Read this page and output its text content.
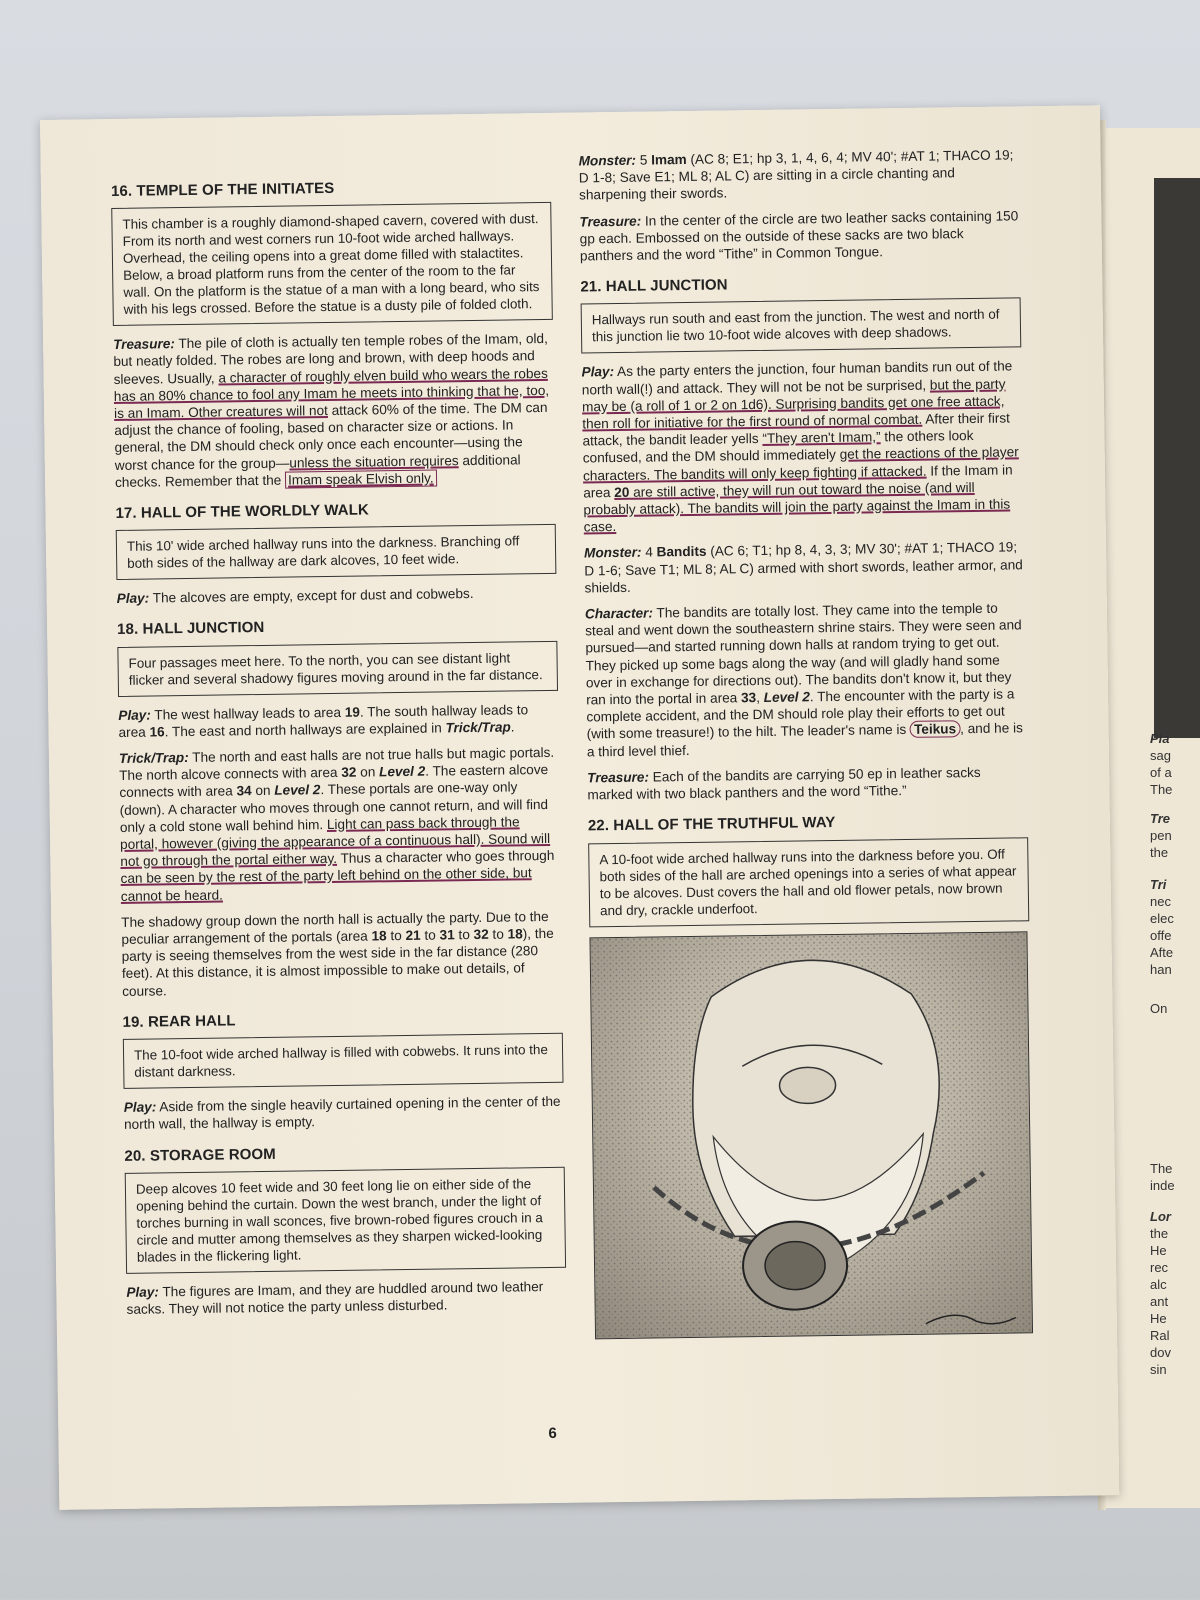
Pla
sag
of a
The
Tre
pen
the
Tri
nec
elec
offe
Afte
han
On
The
inde
Lor
the
He
rec
alc
ant
He
Ral
dov
sin
16. TEMPLE OF THE INITIATES
This chamber is a roughly diamond-shaped cavern, covered with dust. From its north and west corners run 10-foot wide arched hallways. Overhead, the ceiling opens into a great dome filled with stalactites. Below, a broad platform runs from the center of the room to the far wall. On the platform is the statue of a man with a long beard, who sits with his legs crossed. Before the statue is a dusty pile of folded cloth.

Treasure: The pile of cloth is actually ten temple robes of the Imam, old, but neatly folded. The robes are long and brown, with deep hoods and sleeves. Usually, a character of roughly elven build who wears the robes has an 80% chance to fool any Imam he meets into thinking that he, too, is an Imam. Other creatures will not attack 60% of the time. The DM can adjust the chance of fooling, based on character size or actions. In general, the DM should check only once each encounter—using the worst chance for the group—unless the situation requires additional checks. Remember that the Imam speak Elvish only.

17. HALL OF THE WORLDLY WALK
This 10' wide arched hallway runs into the darkness. Branching off both sides of the hallway are dark alcoves, 10 feet wide.

Play: The alcoves are empty, except for dust and cobwebs.

18. HALL JUNCTION
Four passages meet here. To the north, you can see distant light flicker and several shadowy figures moving around in the far distance.

Play: The west hallway leads to area 19. The south hallway leads to area 16. The east and north hallways are explained in Trick/Trap.

Trick/Trap: The north and east halls are not true halls but magic portals. The north alcove connects with area 32 on Level 2. The eastern alcove connects with area 34 on Level 2. These portals are one-way only (down). A character who moves through one cannot return, and will find only a cold stone wall behind him. Light can pass back through the portal, however (giving the appearance of a continuous hall). Sound will not go through the portal either way. Thus a character who goes through can be seen by the rest of the party left behind on the other side, but cannot be heard.

The shadowy group down the north hall is actually the party. Due to the peculiar arrangement of the portals (area 18 to 21 to 31 to 32 to 18), the party is seeing themselves from the west side in the far distance (280 feet). At this distance, it is almost impossible to make out details, of course.

19. REAR HALL
The 10-foot wide arched hallway is filled with cobwebs. It runs into the distant darkness.

Play: Aside from the single heavily curtained opening in the center of the north wall, the hallway is empty.

20. STORAGE ROOM
Deep alcoves 10 feet wide and 30 feet long lie on either side of the opening behind the curtain. Down the west branch, under the light of torches burning in wall sconces, five brown-robed figures crouch in a circle and mutter among themselves as they sharpen wicked-looking blades in the flickering light.

Play: The figures are Imam, and they are huddled around two leather sacks. They will not notice the party unless disturbed.

Monster: 5 Imam (AC 8; E1; hp 3, 1, 4, 6, 4; MV 40'; #AT 1; THACO 19; D 1-8; Save E1; ML 8; AL C) are sitting in a circle chanting and sharpening their swords.

Treasure: In the center of the circle are two leather sacks containing 150 gp each. Embossed on the outside of these sacks are two black panthers and the word “Tithe” in Common Tongue.

21. HALL JUNCTION
Hallways run south and east from the junction. The west and north of this junction lie two 10-foot wide alcoves with deep shadows.

Play: As the party enters the junction, four human bandits run out of the north wall(!) and attack. They will not be not be surprised, but the party may be (a roll of 1 or 2 on 1d6). Surprising bandits get one free attack, then roll for initiative for the first round of normal combat. After their first attack, the bandit leader yells “They aren't Imam,” the others look confused, and the DM should immediately get the reactions of the player characters. The bandits will only keep fighting if attacked. If the Imam in area 20 are still active, they will run out toward the noise (and will probably attack). The bandits will join the party against the Imam in this case.

Monster: 4 Bandits (AC 6; T1; hp 8, 4, 3, 3; MV 30'; #AT 1; THACO 19; D 1-6; Save T1; ML 8; AL C) armed with short swords, leather armor, and shields.

Character: The bandits are totally lost. They came into the temple to steal and went down the southeastern shrine stairs. They were seen and pursued—and started running down halls at random trying to get out. They picked up some bags along the way (and will gladly hand some over in exchange for directions out). The bandits don't know it, but they ran into the portal in area 33, Level 2. The encounter with the party is a complete accident, and the DM should role play their efforts to get out (with some treasure!) to the hilt. The leader's name is Teikus , and he is a third level thief.

Treasure: Each of the bandits are carrying 50 ep in leather sacks marked with two black panthers and the word “Tithe.”

22. HALL OF THE TRUTHFUL WAY
A 10-foot wide arched hallway runs into the darkness before you. Off both sides of the hall are arched openings into a series of what appear to be alcoves. Dust covers the hall and old flower petals, now brown and dry, crackle underfoot.
6
